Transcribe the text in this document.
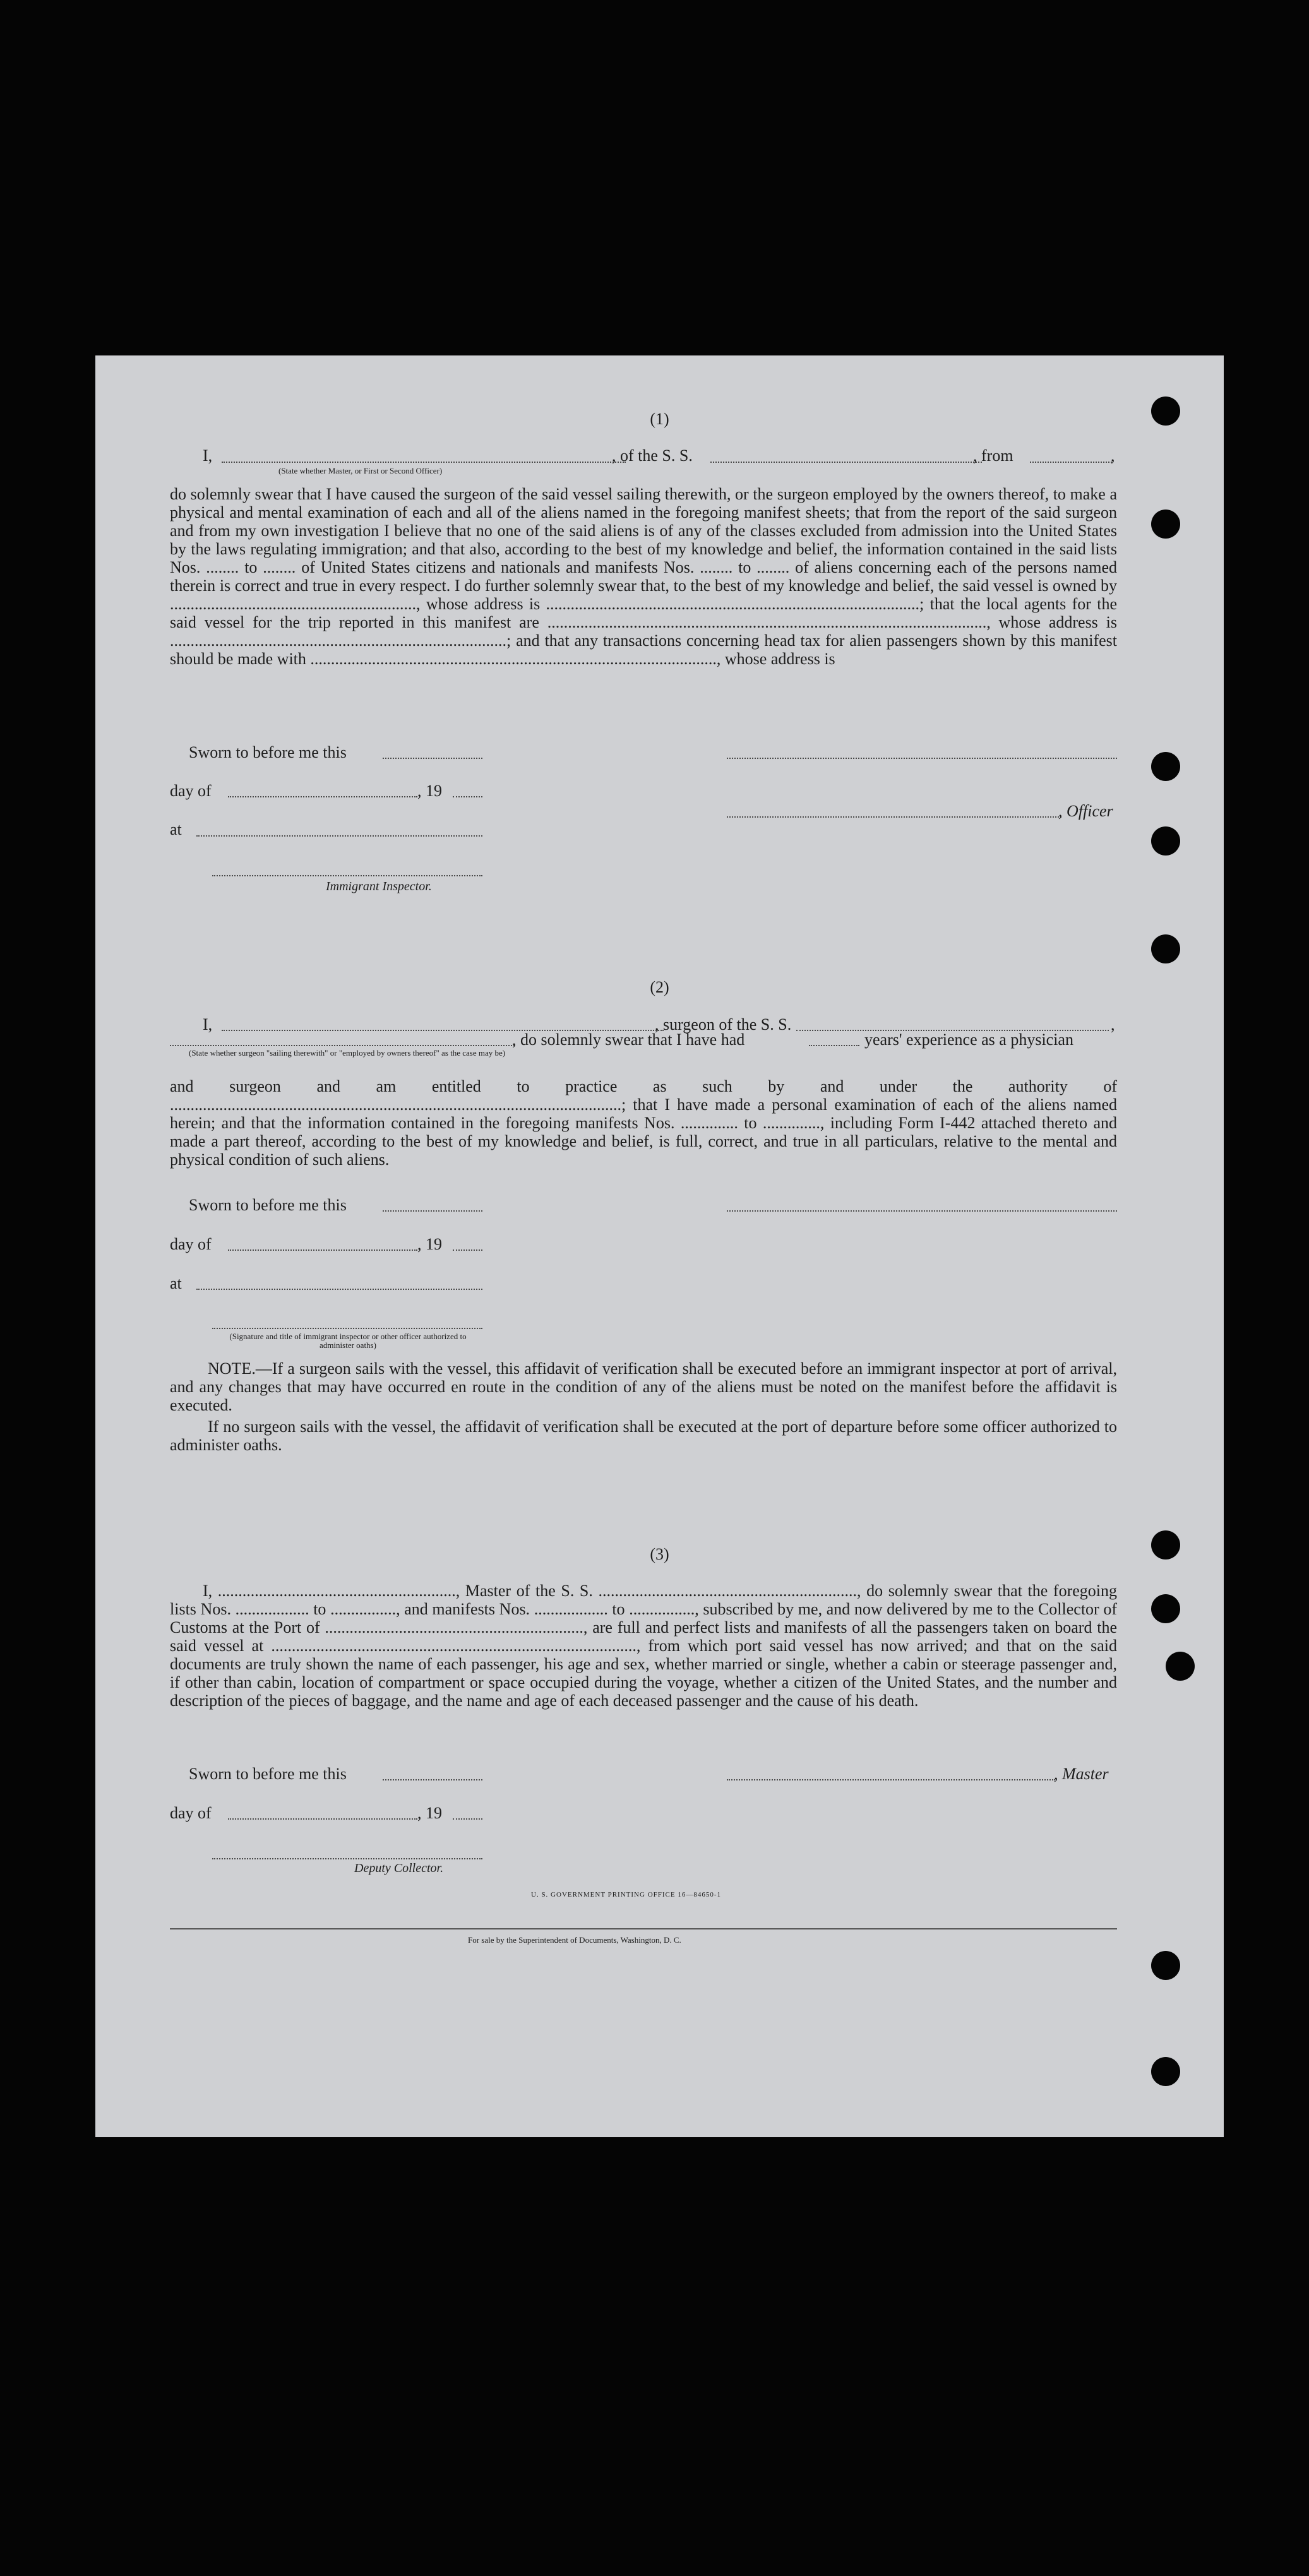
(1)
I,	, of the S. S.	, from	,
(State whether Master, or First or Second Officer)
do solemnly swear that I have caused the surgeon of the said vessel sailing therewith, or the surgeon employed by the owners thereof, to make a physical and mental examination of each and all of the aliens named in the foregoing manifest sheets; that from the report of the said surgeon and from my own investigation I believe that no one of the said aliens is of any of the classes excluded from admission into the United States by the laws regulating immigration; and that also, according to the best of my knowledge and belief, the information contained in the said lists Nos. ........ to ........ of United States citizens and nationals and manifests Nos. ........ to ........ of aliens concerning each of the persons named therein is correct and true in every respect. I do further solemnly swear that, to the best of my knowledge and belief, the said vessel is owned by ............................................................, whose address is ...........................................................................................; that the local agents for the said vessel for the trip reported in this manifest are ..........................................................................................................., whose address is ..................................................................................; and that any transactions concerning head tax for alien passengers shown by this manifest should be made with ..................................................................................................., whose address is
Sworn to before me this
day of	, 19
, Officer
at
Immigrant Inspector.
(2)
I,	, surgeon of the S. S.	,
, do solemnly swear that I have had	years' experience as a physician
(State whether surgeon "sailing therewith" or "employed by owners thereof" as the case may be)
and surgeon and am entitled to practice as such by and under the authority of ..............................................................................................................; that I have made a personal examination of each of the aliens named herein; and that the information contained in the foregoing manifests Nos. .............. to .............., including Form I-442 attached thereto and made a part thereof, according to the best of my knowledge and belief, is full, correct, and true in all particulars, relative to the mental and physical condition of such aliens.
Sworn to before me this
day of	, 19
at
(Signature and title of immigrant inspector or other officer authorized to administer oaths)
NOTE.—If a surgeon sails with the vessel, this affidavit of verification shall be executed before an immigrant inspector at port of arrival, and any changes that may have occurred en route in the condition of any of the aliens must be noted on the manifest before the affidavit is executed.
If no surgeon sails with the vessel, the affidavit of verification shall be executed at the port of departure before some officer authorized to administer oaths.
(3)
I, .........................................................., Master of the S. S. ..............................................................., do solemnly swear that the foregoing lists Nos. .................. to ................, and manifests Nos. .................. to ................, subscribed by me, and now delivered by me to the Collector of Customs at the Port of ..............................................................., are full and perfect lists and manifests of all the passengers taken on board the said vessel at ........................................................................................., from which port said vessel has now arrived; and that on the said documents are truly shown the name of each passenger, his age and sex, whether married or single, whether a cabin or steerage passenger and, if other than cabin, location of compartment or space occupied during the voyage, whether a citizen of the United States, and the number and description of the pieces of baggage, and the name and age of each deceased passenger and the cause of his death.
Sworn to before me this	, Master
day of	, 19
Deputy Collector.
U. S. GOVERNMENT PRINTING OFFICE 16—84650-1
For sale by the Superintendent of Documents, Washington, D. C.
